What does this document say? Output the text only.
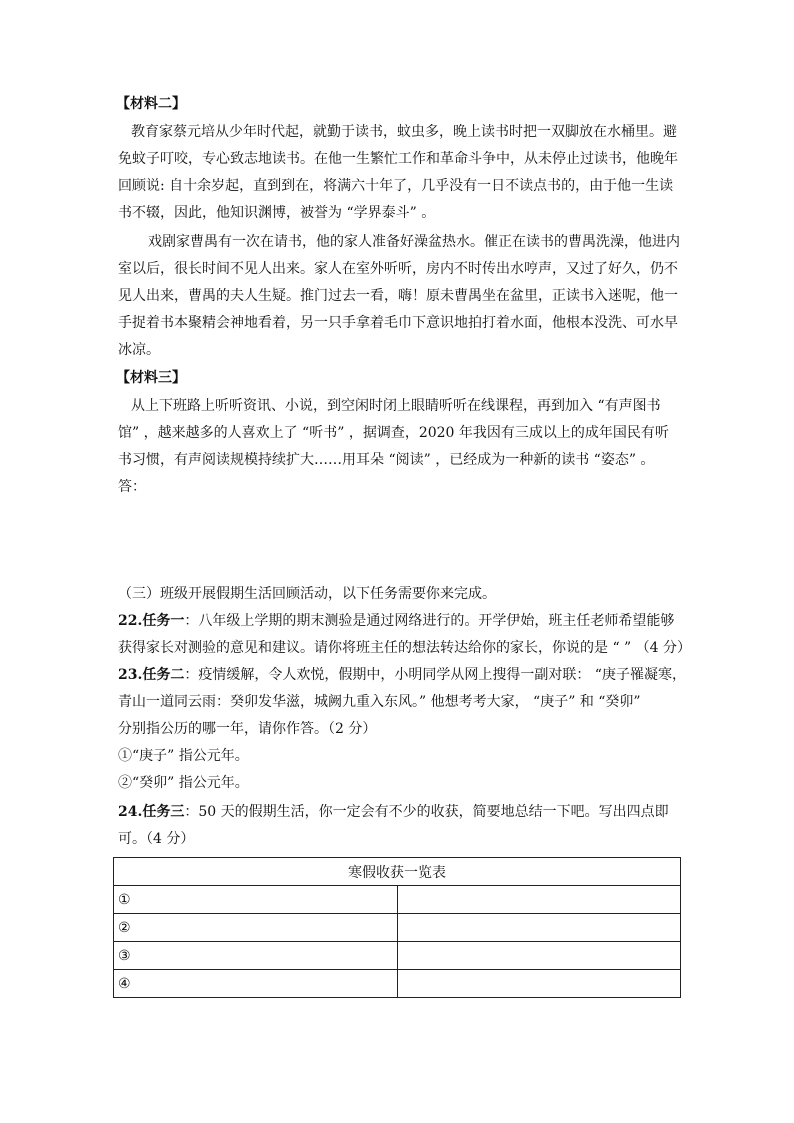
【材料二】
教育家蔡元培从少年时代起，就勤于读书，蚊虫多，晚上读书时把一双脚放在水桶里。避
免蚊子叮咬，专心致志地读书。在他一生繁忙工作和革命斗争中，从未停止过读书，他晚年
回顾说: 自十余岁起，直到到在，将满六十年了，几乎没有一日不读点书的，由于他一生读
书不辍，因此，他知识渊博，被誉为 “学界泰斗” 。
戏剧家曹禺有一次在请书，他的家人准备好澡盆热水。催正在读书的曹禺洗澡，他进内
室以后，很长时间不见人出来。家人在室外听听，房内不时传出水哼声，又过了好久，仍不
见人出来，曹禺的夫人生疑。推门过去一看，嗨！原未曹禺坐在盆里，正读书入迷呢，他一
手捉着书本聚精会神地看着，另一只手拿着毛巾下意识地拍打着水面，他根本没洗、可水早
冰凉。
【材料三】
从上下班路上听听资讯、小说，到空闲时闭上眼睛听听在线课程，再到加入 “有声图书
馆” ，越来越多的人喜欢上了 “听书” ，据调查，2020 年我因有三成以上的成年国民有听
书习惯，有声阅读规模持续扩大……用耳朵 “阅读” ，已经成为一种新的读书 “姿态” 。
答：
（三）班级开展假期生活回顾活动，以下任务需要你来完成。
22.任务一：八年级上学期的期末测验是通过网络进行的。开学伊始，班主任老师希望能够
获得家长对测验的意见和建议。请你将班主任的想法转达给你的家长，你说的是 “ ” （4 分）
23.任务二：疫情缓解，令人欢悦，假期中，小明同学从网上搜得一副对联： “庚子罹凝寒，
青山一道同云雨：癸卯发华滋，城阙九重入东风。” 他想考考大家， “庚子” 和 “癸卯”
分别指公历的哪一年，请你作答。（2 分）
①“庚子” 指公元年。
②“癸卯” 指公元年。
24.任务三：50 天的假期生活，你一定会有不少的收获，简要地总结一下吧。写出四点即
可。（4 分）
寒假收获一览表	
①	
②	
③	
④	
